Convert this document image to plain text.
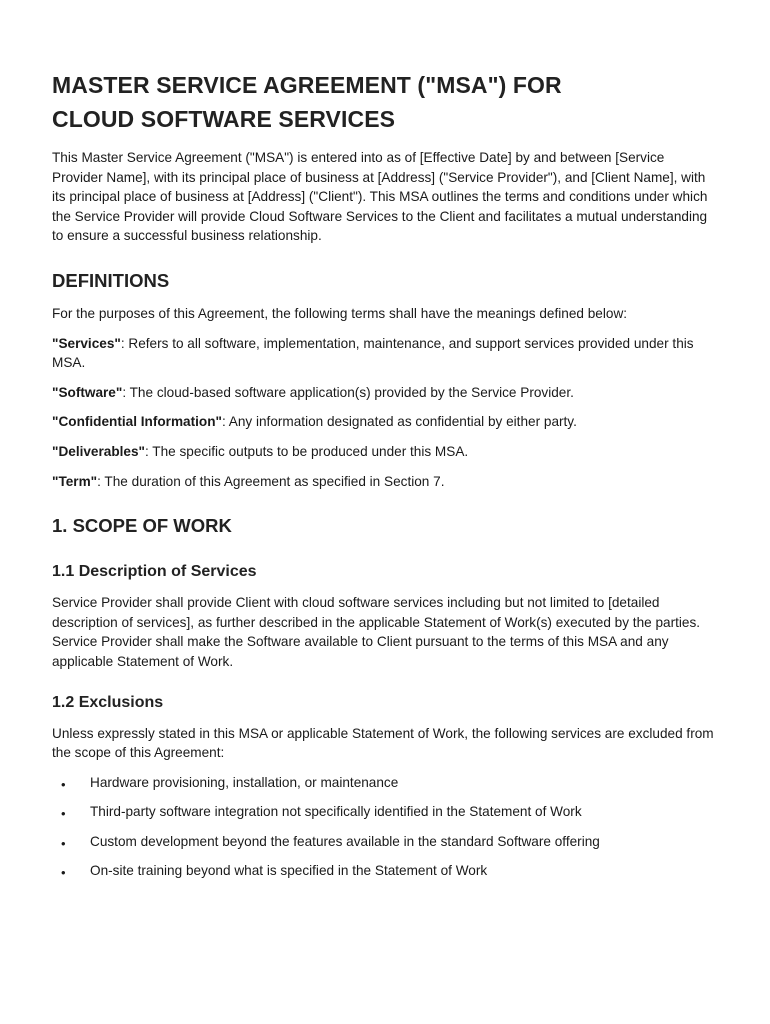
MASTER SERVICE AGREEMENT ("MSA") FOR
CLOUD SOFTWARE SERVICES

This Master Service Agreement ("MSA") is entered into as of [Effective Date] by and between [Service Provider Name], with its principal place of business at [Address] ("Service Provider"), and [Client Name], with its principal place of business at [Address] ("Client"). This MSA outlines the terms and conditions under which the Service Provider will provide Cloud Software Services to the Client and facilitates a mutual understanding to ensure a successful business relationship.

DEFINITIONS

For the purposes of this Agreement, the following terms shall have the meanings defined below:

"Services": Refers to all software, implementation, maintenance, and support services provided under this MSA.

"Software": The cloud-based software application(s) provided by the Service Provider.

"Confidential Information": Any information designated as confidential by either party.

"Deliverables": The specific outputs to be produced under this MSA.

"Term": The duration of this Agreement as specified in Section 7.

1. SCOPE OF WORK
1.1 Description of Services

Service Provider shall provide Client with cloud software services including but not limited to [detailed description of services], as further described in the applicable Statement of Work(s) executed by the parties. Service Provider shall make the Software available to Client pursuant to the terms of this MSA and any applicable Statement of Work.

1.2 Exclusions

Unless expressly stated in this MSA or applicable Statement of Work, the following services are excluded from the scope of this Agreement:

• Hardware provisioning, installation, or maintenance
• Third-party software integration not specifically identified in the Statement of Work
• Custom development beyond the features available in the standard Software offering
• On-site training beyond what is specified in the Statement of Work
